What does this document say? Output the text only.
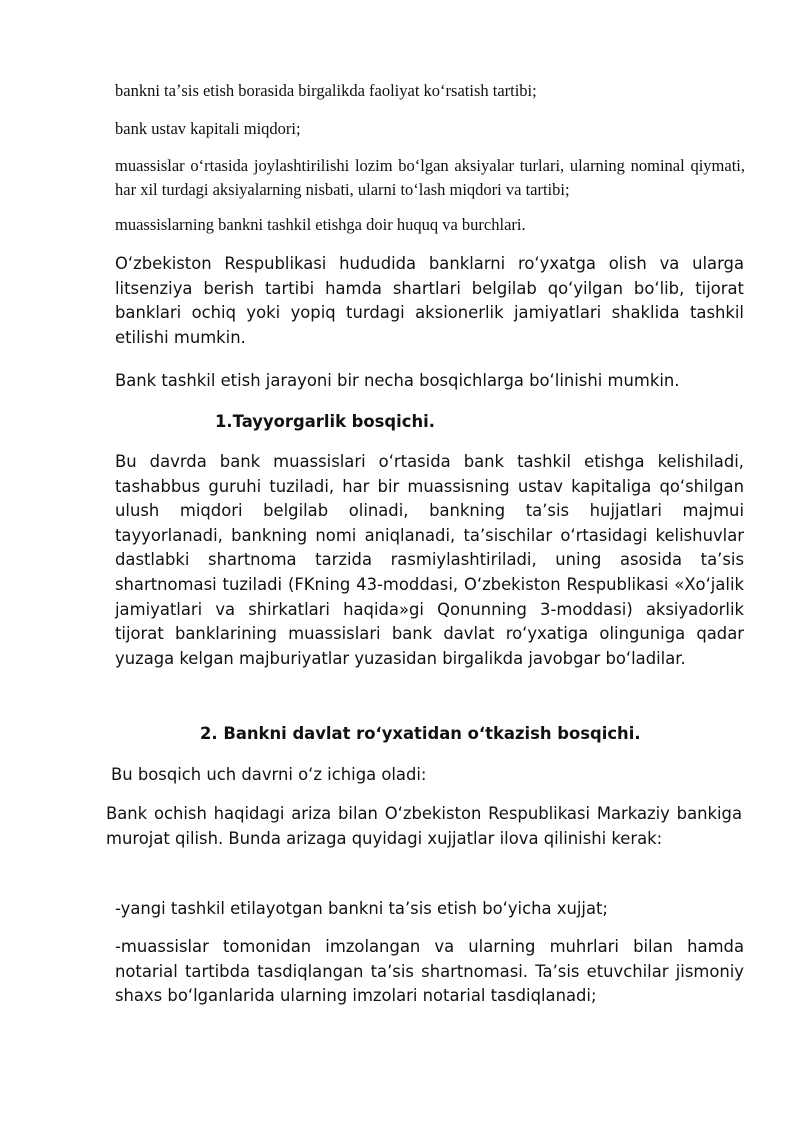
bankni taʼsis etish borasida birgalikda faoliyat koʻrsatish tartibi;

bank ustav kapitali miqdori;

muassislar oʻrtasida joylashtirilishi lozim boʻlgan aksiyalar turlari, ularning nominal qiymati, har xil turdagi aksiyalarning nisbati, ularni toʻlash miqdori va tartibi;

muassislarning bankni tashkil etishga doir huquq va burchlari.

Oʻzbekiston Respublikasi hududida banklarni roʻyxatga olish va ularga litsenziya berish tartibi hamda shartlari belgilab qoʻyilgan boʻlib, tijorat banklari ochiq yoki yopiq turdagi aksionerlik jamiyatlari shaklida tashkil etilishi mumkin.

Bank tashkil etish jarayoni bir necha bosqichlarga boʻlinishi mumkin.

1.Tayyorgarlik bosqichi.

Bu davrda bank muassislari oʻrtasida bank tashkil etishga kelishiladi, tashabbus guruhi tuziladi, har bir muassisning ustav kapitaliga qoʻshilgan ulush miqdori belgilab olinadi, bankning taʼsis hujjatlari majmui tayyorlanadi, bankning nomi aniqlanadi, taʼsischilar oʻrtasidagi kelishuvlar dastlabki shartnoma tarzida rasmiylashtiriladi, uning asosida taʼsis shartnomasi tuziladi (FKning 43-moddasi, Oʻzbekiston Respublikasi «Xoʻjalik jamiyatlari va shirkatlari haqida»gi Qonunning 3-moddasi) aksiyadorlik tijorat banklarining muassislari bank davlat roʻyxatiga olinguniga qadar yuzaga kelgan majburiyatlar yuzasidan birgalikda javobgar boʻladilar.

2. Bankni davlat roʻyxatidan oʻtkazish bosqichi.

Bu bosqich uch davrni oʻz ichiga oladi:

Bank ochish haqidagi ariza bilan Oʻzbekiston Respublikasi Markaziy bankiga murojat qilish. Bunda arizaga quyidagi xujjatlar ilova qilinishi kerak:

-yangi tashkil etilayotgan bankni taʼsis etish boʻyicha xujjat;

-muassislar tomonidan imzolangan va ularning muhrlari bilan hamda notarial tartibda tasdiqlangan taʼsis shartnomasi. Taʼsis etuvchilar jismoniy shaxs boʻlganlarida ularning imzolari notarial tasdiqlanadi;
